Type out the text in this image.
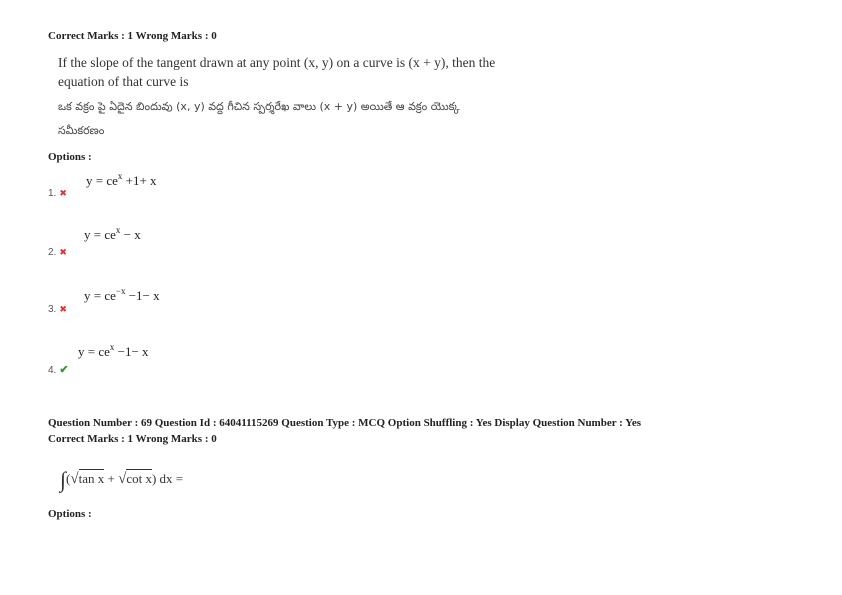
Correct Marks : 1 Wrong Marks : 0
If the slope of the tangent drawn at any point (x, y) on a curve is (x + y), then the
equation of that curve is
ఒక వక్రం పై ఏదైన బిందువు (x, y) వద్ద గీచిన స్పర్శరేఖ వాలు (x + y) అయితే ఆ వక్రం యొక్క
సమీకరణం
Options :
$y = ce^x +1+ x$
1. ✖
$y = ce^x - x$
2. ✖
$y = ce^{-x} -1- x$
3. ✖
$y = ce^x -1- x$
4. ✔
Question Number : 69 Question Id : 64041115269 Question Type : MCQ Option Shuffling : Yes Display Question Number : Yes
Correct Marks : 1 Wrong Marks : 0
∫(√tan x + √cot x) dx =
Options :
